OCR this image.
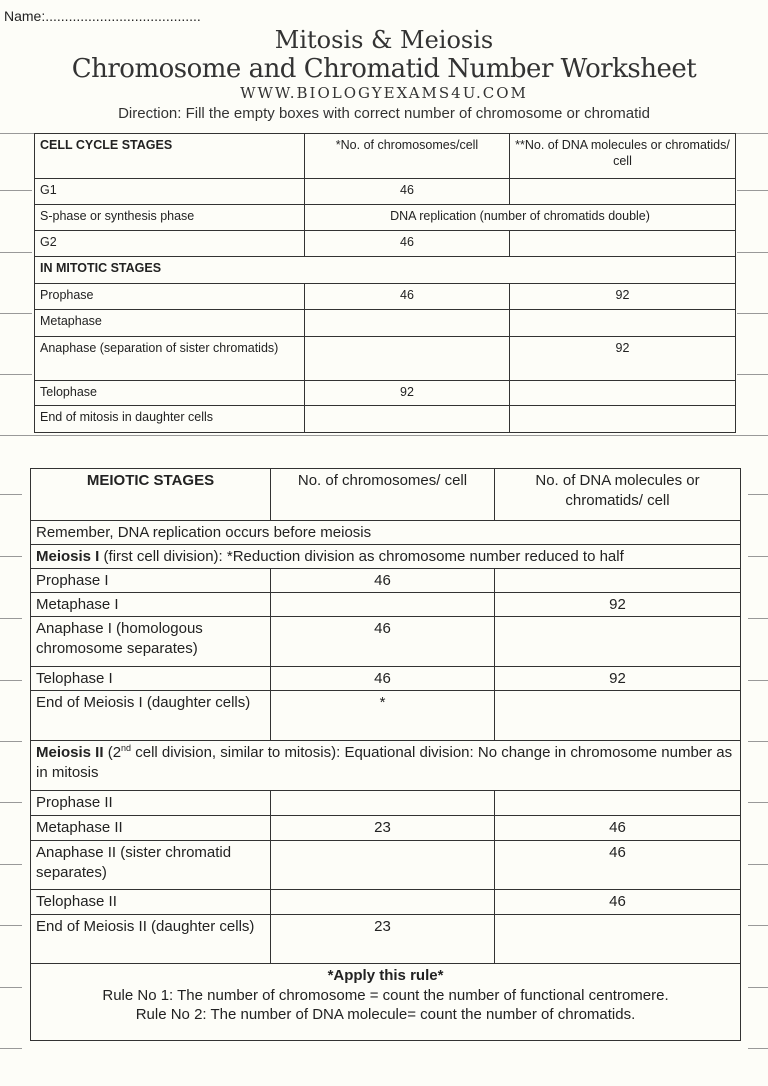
Name:........................................
Mitosis & Meiosis
Chromosome and Chromatid Number Worksheet
WWW.BIOLOGYEXAMS4U.COM
Direction: Fill the empty boxes with correct number of chromosome or chromatid
CELL CYCLE STAGES	*No. of chromosomes/cell	**No. of DNA molecules or chromatids/ cell
G1	46	
S-phase or synthesis phase	DNA replication (number of chromatids double)	
G2	46	
IN MITOTIC STAGES		
Prophase	46	92
Metaphase		
Anaphase (separation of sister chromatids)		92
Telophase	92	
End of mitosis in daughter cells		
MEIOTIC STAGES	No. of chromosomes/ cell	No. of DNA molecules or chromatids/ cell
Remember, DNA replication occurs before meiosis		
Meiosis I (first cell division): *Reduction division as chromosome number reduced to half		
Prophase I	46	
Metaphase I		92
Anaphase I (homologous chromosome separates)	46	
Telophase I	46	92
End of Meiosis I (daughter cells)	*	
Meiosis II (2nd cell division, similar to mitosis): Equational division: No change in chromosome number as in mitosis		
Prophase II		
Metaphase II	23	46
Anaphase II (sister chromatid separates)		46
Telophase II		46
End of Meiosis II (daughter cells)	23	

*Apply this rule*
Rule No 1: The number of chromosome = count the number of functional centromere.
Rule No 2: The number of DNA molecule= count the number of chromatids.		
